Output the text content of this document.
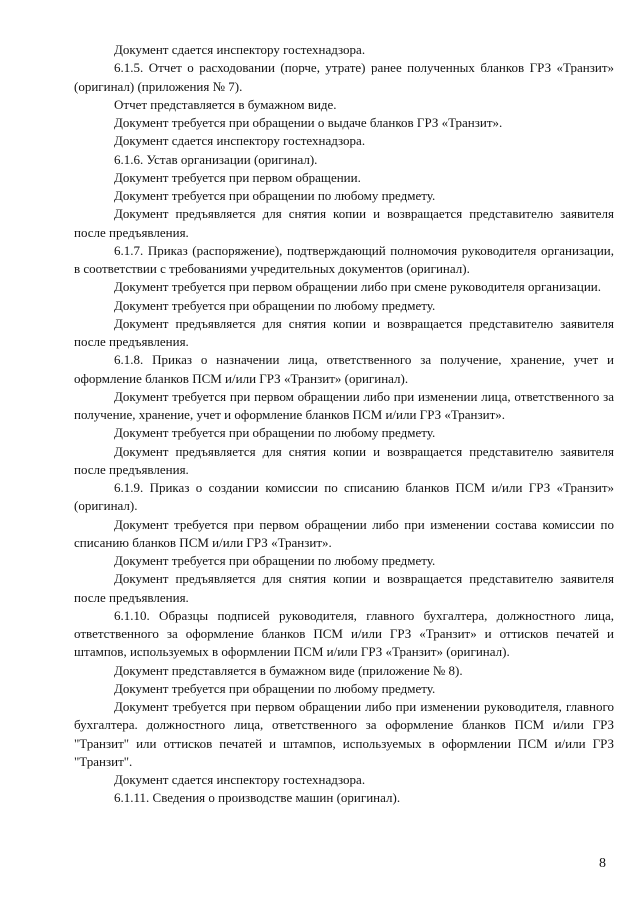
Документ сдается инспектору гостехнадзора.

6.1.5. Отчет о расходовании (порче, утрате) ранее полученных бланков ГРЗ «Транзит» (оригинал) (приложения № 7).

Отчет представляется в бумажном виде.

Документ требуется при обращении о выдаче бланков ГРЗ «Транзит».

Документ сдается инспектору гостехнадзора.

6.1.6. Устав организации (оригинал).

Документ требуется при первом обращении.

Документ требуется при обращении по любому предмету.

Документ предъявляется для снятия копии и возвращается представителю заявителя после предъявления.

6.1.7. Приказ (распоряжение), подтверждающий полномочия руководителя организации, в соответствии с требованиями учредительных документов (оригинал).

Документ требуется при первом обращении либо при смене руководителя организации.

Документ требуется при обращении по любому предмету.

Документ предъявляется для снятия копии и возвращается представителю заявителя после предъявления.

6.1.8. Приказ о назначении лица, ответственного за получение, хранение, учет и оформление бланков ПСМ и/или ГРЗ «Транзит» (оригинал).

Документ требуется при первом обращении либо при изменении лица, ответственного за получение, хранение, учет и оформление бланков ПСМ и/или ГРЗ «Транзит».

Документ требуется при обращении по любому предмету.

Документ предъявляется для снятия копии и возвращается представителю заявителя после предъявления.

6.1.9. Приказ о создании комиссии по списанию бланков ПСМ и/или ГРЗ «Транзит» (оригинал).

Документ требуется при первом обращении либо при изменении состава комиссии по списанию бланков ПСМ и/или ГРЗ «Транзит».

Документ требуется при обращении по любому предмету.

Документ предъявляется для снятия копии и возвращается представителю заявителя после предъявления.

6.1.10. Образцы подписей руководителя, главного бухгалтера, должностного лица, ответственного за оформление бланков ПСМ и/или ГРЗ «Транзит» и оттисков печатей и штампов, используемых в оформлении ПСМ и/или ГРЗ «Транзит» (оригинал).

Документ представляется в бумажном виде (приложение № 8).

Документ требуется при обращении по любому предмету.

Документ требуется при первом обращении либо при изменении руководителя, главного бухгалтера. должностного лица, ответственного за оформление бланков ПСМ и/или ГРЗ "Транзит" или оттисков печатей и штампов, используемых в оформлении ПСМ и/или ГРЗ "Транзит".

Документ сдается инспектору гостехнадзора.

6.1.11. Сведения о производстве машин (оригинал).

8
